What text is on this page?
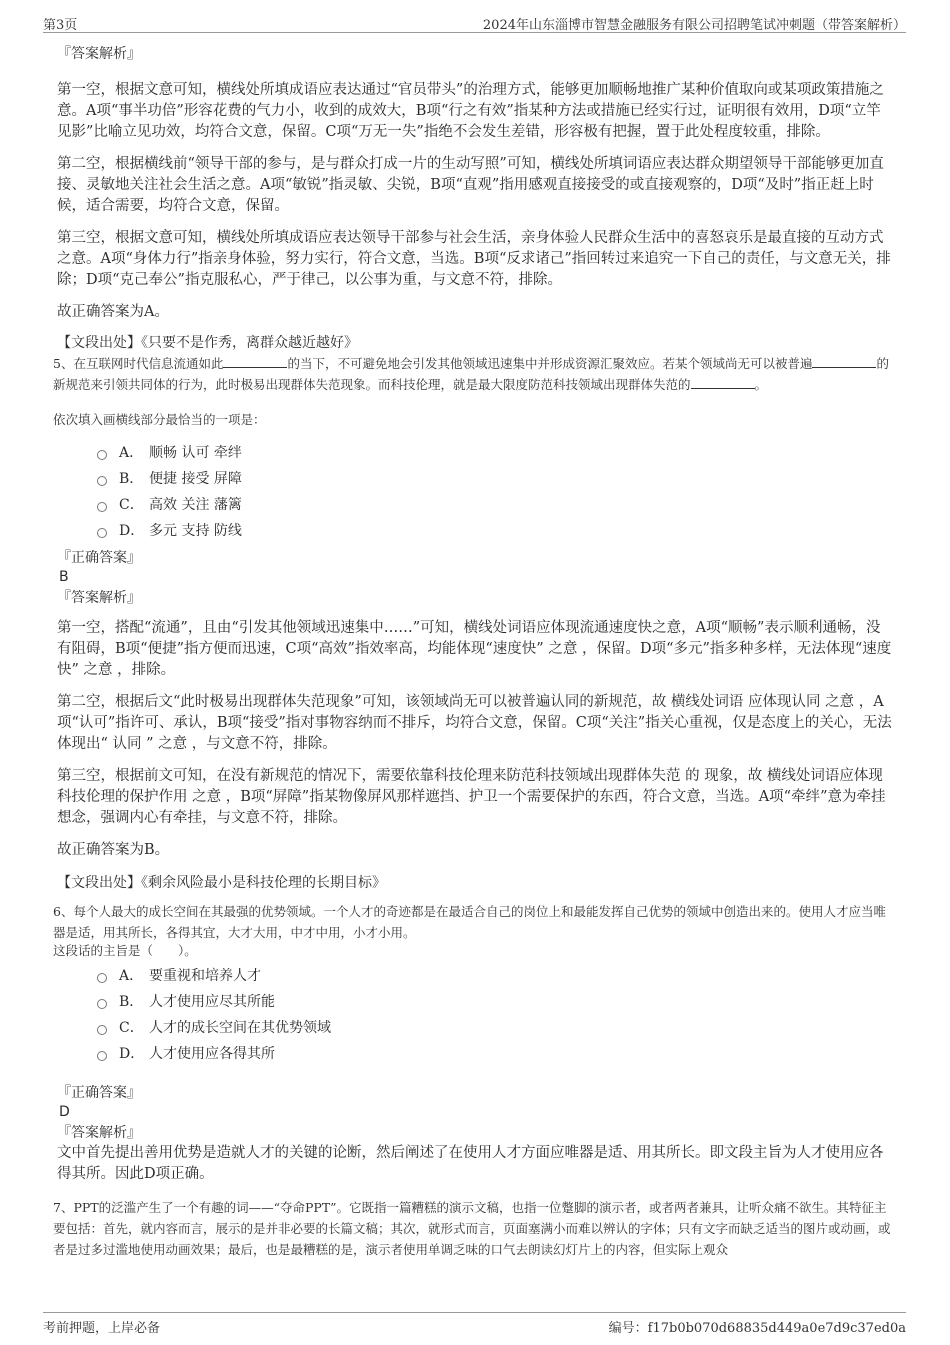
第3页	2024年山东淄博市智慧金融服务有限公司招聘笔试冲刺题（带答案解析）
『答案解析』
第一空，根据文意可知，横线处所填成语应表达通过“官员带头”的治理方式，能够更加顺畅地推广某种价值取向或某项政策措施之意。A项“事半功倍”形容花费的气力小，收到的成效大，B项“行之有效”指某种方法或措施已经实行过，证明很有效用，D项“立竿见影”比喻立见功效，均符合文意，保留。C项“万无一失”指绝不会发生差错，形容极有把握，置于此处程度较重，排除。
第二空，根据横线前“领导干部的参与，是与群众打成一片的生动写照”可知，横线处所填词语应表达群众期望领导干部能够更加直接、灵敏地关注社会生活之意。A项“敏锐”指灵敏、尖锐，B项“直观”指用感观直接接受的或直接观察的，D项“及时”指正赶上时候，适合需要，均符合文意，保留。
第三空，根据文意可知，横线处所填成语应表达领导干部参与社会生活，亲身体验人民群众生活中的喜怒哀乐是最直接的互动方式之意。A项“身体力行”指亲身体验，努力实行，符合文意，当选。B项“反求诸己”指回转过来追究一下自己的责任，与文意无关，排除；D项“克己奉公”指克服私心，严于律己，以公事为重，与文意不符，排除。
故正确答案为A。
【文段出处】《只要不是作秀，离群众越近越好》
5、在互联网时代信息流通如此	的当下，不可避免地会引发其他领域迅速集中并形成资源汇聚效应。若某个领域尚无可以被普遍	的新规范来引领共同体的行为，此时极易出现群体失范现象。而科技伦理，就是最大限度防范科技领域出现群体失范的	。
依次填入画横线部分最恰当的一项是：
A． 顺畅 认可 牵绊
B． 便捷 接受 屏障
C． 高效 关注 藩篱
D． 多元 支持 防线
『正确答案』
B
『答案解析』
第一空，搭配“流通”，且由“引发其他领域迅速集中……”可知，横线处词语应体现流通速度快之意，A项“顺畅”表示顺利通畅，没有阻碍，B项“便捷”指方便而迅速，C项“高效”指效率高，均能体现“速度快” 之意 ，保留。D项“多元”指多种多样，无法体现“速度快” 之意 ，排除。
第二空，根据后文“此时极易出现群体失范现象”可知，该领域尚无可以被普遍认同的新规范，故 横线处词语 应体现认同 之意 ，A项“认可”指许可、承认，B项“接受”指对事物容纳而不排斥，均符合文意，保留。C项“关注”指关心重视，仅是态度上的关心，无法体现出“ 认同 ” 之意 ，与文意不符，排除。
第三空，根据前文可知，在没有新规范的情况下，需要依靠科技伦理来防范科技领域出现群体失范 的 现象，故 横线处词语应体现科技伦理的保护作用 之意 ，B项“屏障”指某物像屏风那样遮挡、护卫一个需要保护的东西，符合文意，当选。A项“牵绊”意为牵挂想念，强调内心有牵挂，与文意不符，排除。
故正确答案为B。
【文段出处】《剩余风险最小是科技伦理的长期目标》
6、每个人最大的成长空间在其最强的优势领域。一个人才的奇迹都是在最适合自己的岗位上和最能发挥自己优势的领域中创造出来的。使用人才应当唯器是适，用其所长，各得其宜，大才大用，中才中用，小才小用。
这段话的主旨是（　　）。
A． 要重视和培养人才
B． 人才使用应尽其所能
C． 人才的成长空间在其优势领域
D． 人才使用应各得其所
『正确答案』
D
『答案解析』
文中首先提出善用优势是造就人才的关键的论断，然后阐述了在使用人才方面应唯器是适、用其所长。即文段主旨为人才使用应各得其所。因此D项正确。
7、PPT的泛滥产生了一个有趣的词——“夺命PPT”。它既指一篇糟糕的演示文稿，也指一位蹩脚的演示者，或者两者兼具，让听众痛不欲生。其特征主要包括：首先，就内容而言，展示的是并非必要的长篇文稿；其次，就形式而言，页面塞满小而难以辨认的字体；只有文字而缺乏适当的图片或动画，或者是过多过滥地使用动画效果；最后，也是最糟糕的是，演示者使用单调乏味的口气去朗读幻灯片上的内容，但实际上观众
考前押题，上岸必备	编号：f17b0b070d68835d449a0e7d9c37ed0a
